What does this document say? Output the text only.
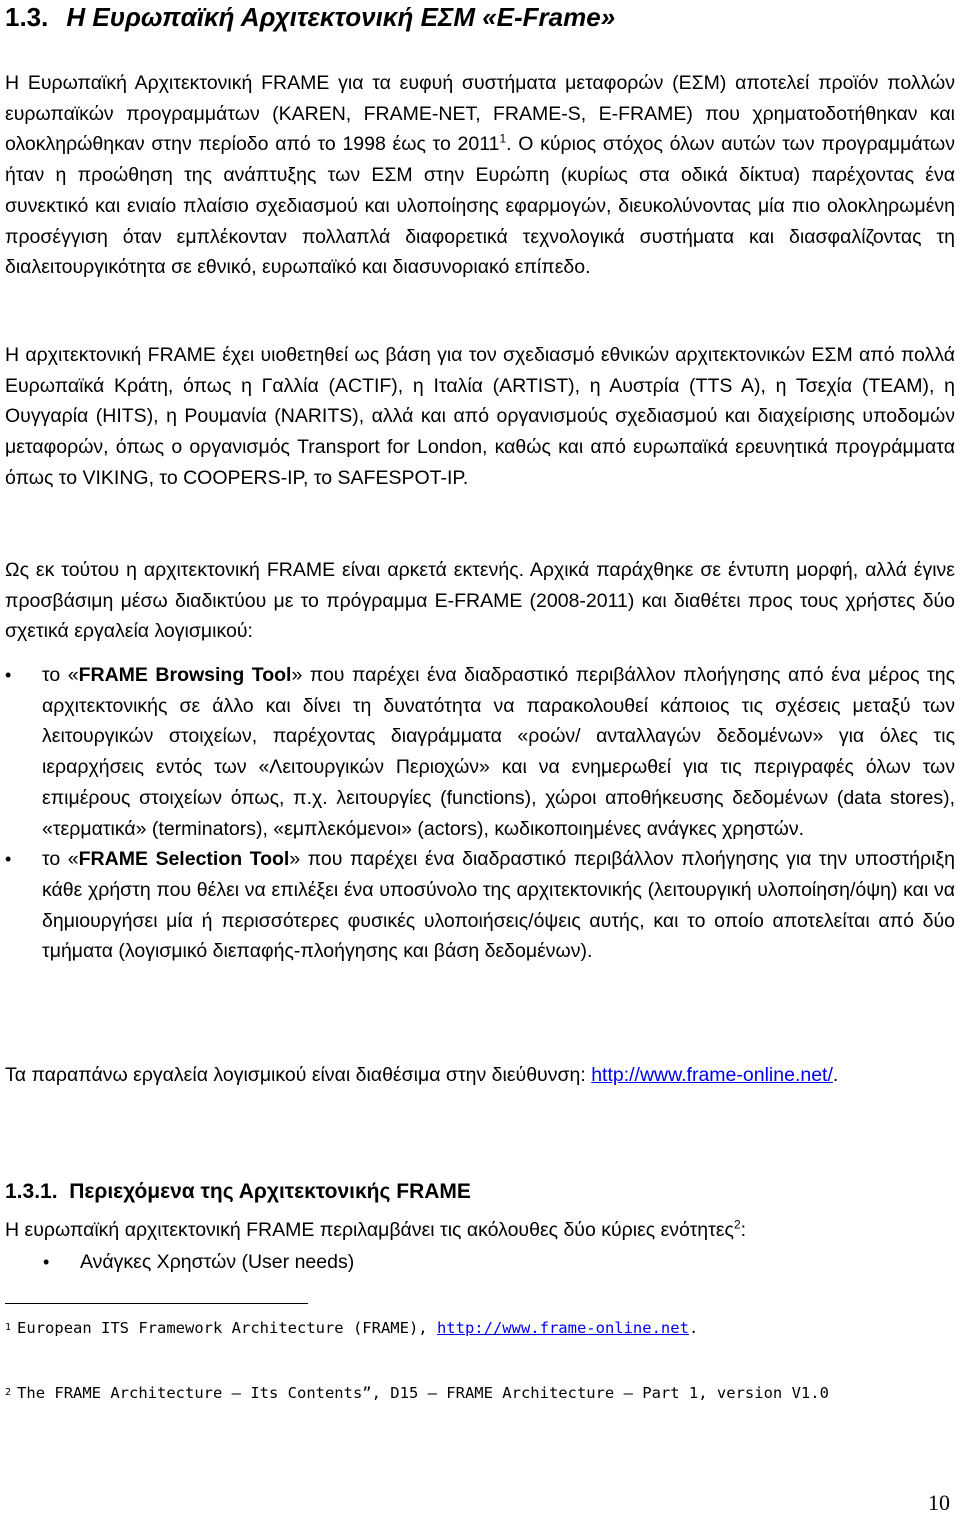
1.3. Η Ευρωπαϊκή Αρχιτεκτονική ΕΣΜ «E-Frame»

Η Ευρωπαϊκή Αρχιτεκτονική FRAME για τα ευφυή συστήματα μεταφορών (ΕΣΜ) αποτελεί προϊόν πολλών ευρωπαϊκών προγραμμάτων (KAREN, FRAME-NET, FRAME-S, E-FRAME) που χρηματοδοτήθηκαν και ολοκληρώθηκαν στην περίοδο από το 1998 έως το 2011$^1$. Ο κύριος στόχος όλων αυτών των προγραμμάτων ήταν η προώθηση της ανάπτυξης των ΕΣΜ στην Ευρώπη (κυρίως στα οδικά δίκτυα) παρέχοντας ένα συνεκτικό και ενιαίο πλαίσιο σχεδιασμού και υλοποίησης εφαρμογών, διευκολύνοντας μία πιο ολοκληρωμένη προσέγγιση όταν εμπλέκονταν πολλαπλά διαφορετικά τεχνολογικά συστήματα και διασφαλίζοντας τη διαλειτουργικότητα σε εθνικό, ευρωπαϊκό και διασυνοριακό επίπεδο.

Η αρχιτεκτονική FRAME έχει υιοθετηθεί ως βάση για τον σχεδιασμό εθνικών αρχιτεκτονικών ΕΣΜ από πολλά Ευρωπαϊκά Κράτη, όπως η Γαλλία (ACTIF), η Ιταλία (ARTIST), η Αυστρία (TTS A), η Τσεχία (TEAM), η Ουγγαρία (HITS), η Ρουμανία (NARITS), αλλά και από οργανισμούς σχεδιασμού και διαχείρισης υποδομών μεταφορών, όπως ο οργανισμός Transport for London, καθώς και από ευρωπαϊκά ερευνητικά προγράμματα όπως το VIKING, το COOPERS-IP, το SAFESPOT-IP.

Ως εκ τούτου η αρχιτεκτονική FRAME είναι αρκετά εκτενής. Αρχικά παράχθηκε σε έντυπη μορφή, αλλά έγινε προσβάσιμη μέσω διαδικτύου με το πρόγραμμα E-FRAME (2008-2011) και διαθέτει προς τους χρήστες δύο σχετικά εργαλεία λογισμικού:

• το «FRAME Browsing Tool» που παρέχει ένα διαδραστικό περιβάλλον πλοήγησης από ένα μέρος της αρχιτεκτονικής σε άλλο και δίνει τη δυνατότητα να παρακολουθεί κάποιος τις σχέσεις μεταξύ των λειτουργικών στοιχείων, παρέχοντας διαγράμματα «ροών/ ανταλλαγών δεδομένων» για όλες τις ιεραρχήσεις εντός των «Λειτουργικών Περιοχών» και να ενημερωθεί για τις περιγραφές όλων των επιμέρους στοιχείων όπως, π.χ. λειτουργίες (functions), χώροι αποθήκευσης δεδομένων (data stores), «τερματικά» (terminators), «εμπλεκόμενοι» (actors), κωδικοποιημένες ανάγκες χρηστών.
• το «FRAME Selection Tool» που παρέχει ένα διαδραστικό περιβάλλον πλοήγησης για την υποστήριξη κάθε χρήστη που θέλει να επιλέξει ένα υποσύνολο της αρχιτεκτονικής (λειτουργική υλοποίηση/όψη) και να δημιουργήσει μία ή περισσότερες φυσικές υλοποιήσεις/όψεις αυτής, και το οποίο αποτελείται από δύο τμήματα (λογισμικό διεπαφής-πλοήγησης και βάση δεδομένων).

Τα παραπάνω εργαλεία λογισμικού είναι διαθέσιμα στην διεύθυνση: http://www.frame-online.net/.

1.3.1. Περιεχόμενα της Αρχιτεκτονικής FRAME

Η ευρωπαϊκή αρχιτεκτονική FRAME περιλαμβάνει τις ακόλουθες δύο κύριες ενότητες$^2$:

• Ανάγκες Χρηστών (User needs)
$^1$ European ITS Framework Architecture (FRAME), http://www.frame-online.net.
$^2$ The FRAME Architecture – Its Contents”, D15 – FRAME Architecture – Part 1, version V1.0
10
